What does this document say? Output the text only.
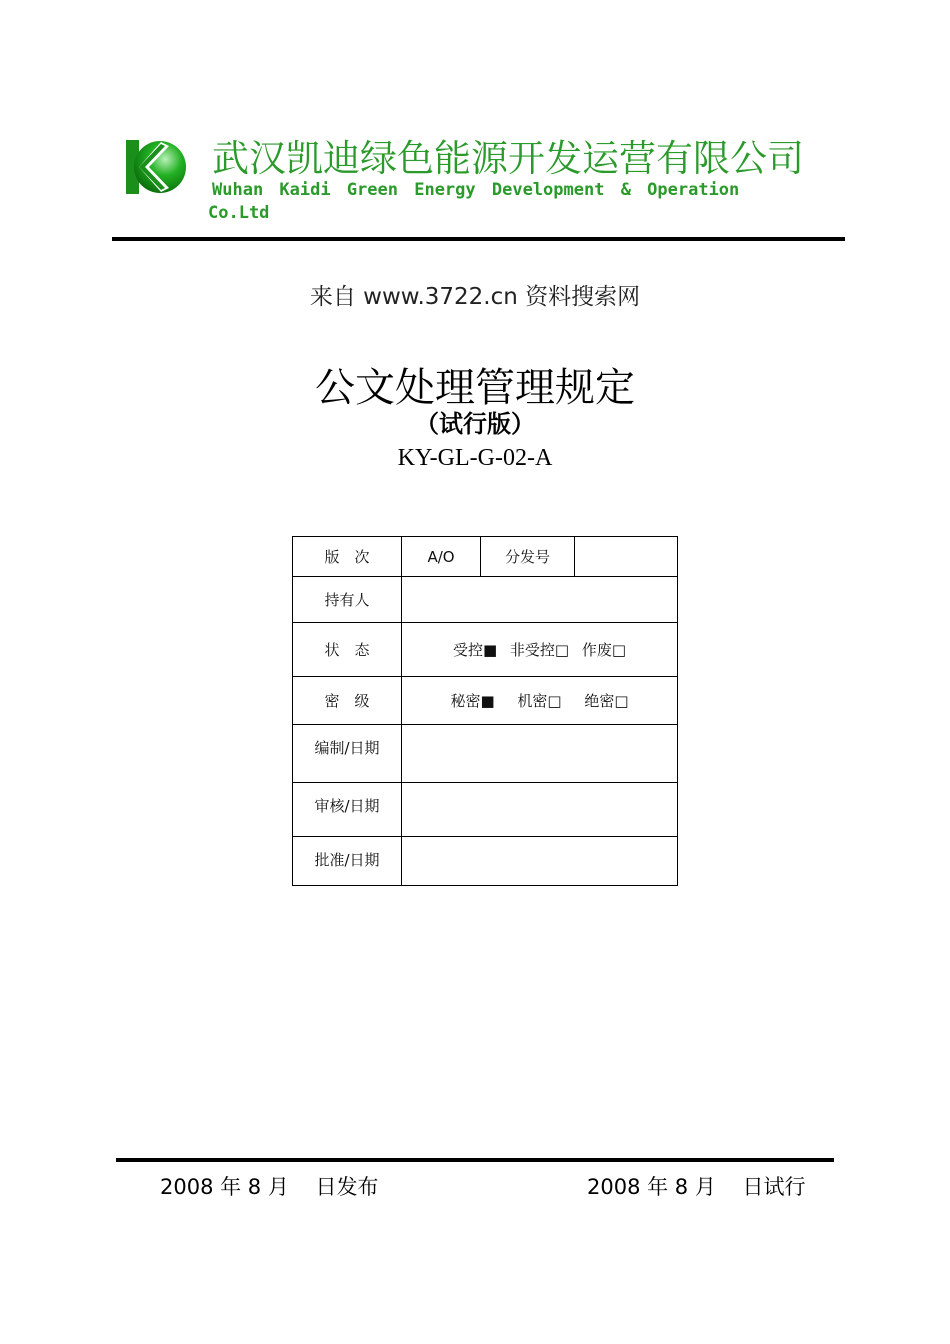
武汉凯迪绿色能源开发运营有限公司
Wuhan Kaidi Green Energy Development & Operation
Co.Ltd
来自 www.3722.cn 资料搜索网
公文处理管理规定
（试行版）
KY-GL-G-02-A
版　次	A/O	分发号	
持有人			
状　态	受控■ 非受控□ 作废□		
密　级	秘密■ 机密□ 绝密□		
编制/日期			
审核/日期			
批准/日期			
2008 年 8 月    日发布	2008 年 8 月    日试行
